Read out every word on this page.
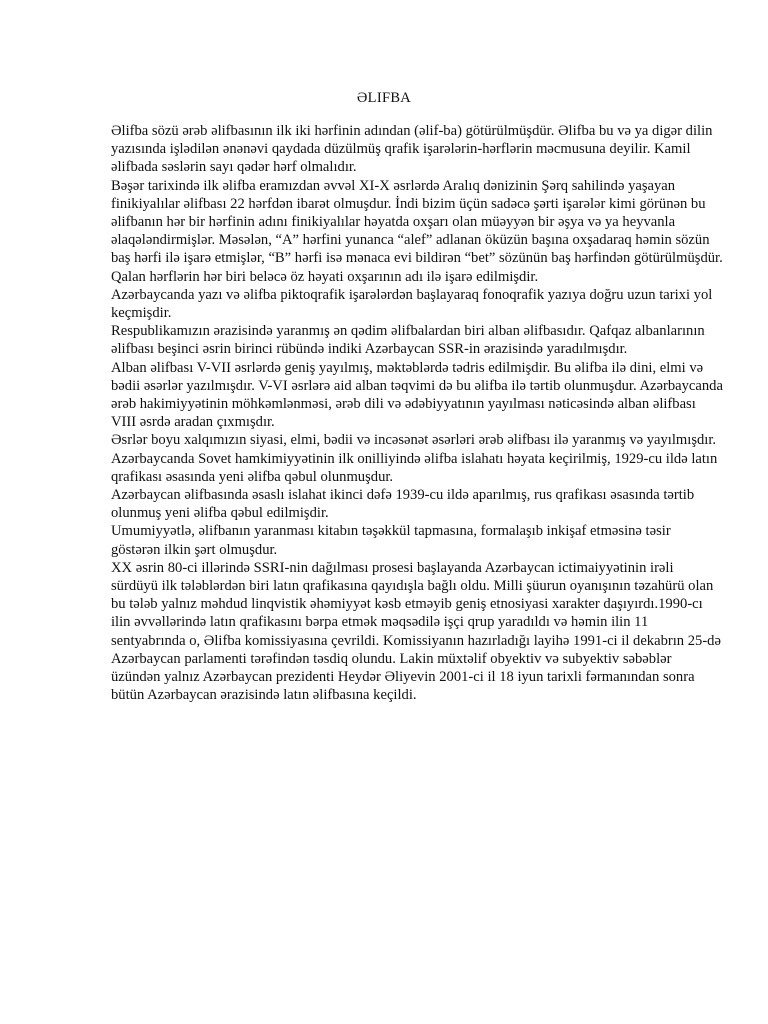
ƏLIFBA

Əlifba sözü ərəb əlifbasının ilk iki hərfinin adından (əlif-ba) götürülmüşdür. Əlifba bu və ya digər dilin yazısında işlədilən ənənəvi qaydada düzülmüş qrafik işarələrin-hərflərin məcmusuna deyilir. Kamil əlifbada səslərin sayı qədər hərf olmalıdır.

Bəşər tarixində ilk əlifba eramızdan əvvəl XI-X əsrlərdə Aralıq dənizinin Şərq sahilində yaşayan finikiyalılar əlifbası 22 hərfdən ibarət olmuşdur. İndi bizim üçün sadəcə şərti işarələr kimi görünən bu əlifbanın hər bir hərfinin adını finikiyalılar həyatda oxşarı olan müəyyən bir əşya və ya heyvanla əlaqələndirmişlər. Məsələn, “A” hərfini yunanca “alef” adlanan öküzün başına oxşadaraq həmin sözün baş hərfi ilə işarə etmişlər, “B” hərfi isə mənaca evi bildirən “bet” sözünün baş hərfindən götürülmüşdür. Qalan hərflərin hər biri beləcə öz həyati oxşarının adı ilə işarə edilmişdir.

Azərbaycanda yazı və əlifba piktoqrafik işarələrdən başlayaraq fonoqrafik yazıya doğru uzun tarixi yol keçmişdir.

Respublikamızın ərazisində yaranmış ən qədim əlifbalardan biri alban əlifbasıdır. Qafqaz albanlarının əlifbası beşinci əsrin birinci rübündə indiki Azərbaycan SSR-in ərazisində yaradılmışdır.

Alban əlifbası V-VII əsrlərdə geniş yayılmış, məktəblərdə tədris edilmişdir. Bu əlifba ilə dini, elmi və bədii əsərlər yazılmışdır. V-VI əsrlərə aid alban təqvimi də bu əlifba ilə tərtib olunmuşdur. Azərbaycanda ərəb hakimiyyətinin möhkəmlənməsi, ərəb dili və ədəbiyyatının yayılması nəticəsində alban əlifbası VIII əsrdə aradan çıxmışdır.

Əsrlər boyu xalqımızın siyasi, elmi, bədii və incəsənət əsərləri ərəb əlifbası ilə yaranmış və yayılmışdır. Azərbaycanda Sovet hamkimiyyətinin ilk onilliyində əlifba islahatı həyata keçirilmiş, 1929-cu ildə latın qrafikası əsasında yeni əlifba qəbul olunmuşdur.

Azərbaycan əlifbasında əsaslı islahat ikinci dəfə 1939-cu ildə aparılmış, rus qrafikası əsasında tərtib olunmuş yeni əlifba qəbul edilmişdir.

Umumiyyətlə, əlifbanın yaranması kitabın təşəkkül tapmasına, formalaşıb inkişaf etməsinə təsir göstərən ilkin şərt olmuşdur.

XX əsrin 80-ci illərində SSRI-nin dağılması prosesi başlayanda Azərbaycan ictimaiyyətinin irəli sürdüyü ilk tələblərdən biri latın qrafikasına qayıdışla bağlı oldu. Milli şüurun oyanışının təzahürü olan bu tələb yalnız məhdud linqvistik əhəmiyyət kəsb etməyib geniş etnosiyasi xarakter daşıyırdı.1990-cı ilin əvvəllərində latın qrafikasını bərpa etmək məqsədilə işçi qrup yaradıldı və həmin ilin 11 sentyabrında o, Əlifba komissiyasına çevrildi. Komissiyanın hazırladığı layihə 1991-ci il dekabrın 25-də Azərbaycan parlamenti tərəfindən təsdiq olundu. Lakin müxtəlif obyektiv və subyektiv səbəblər üzündən yalnız Azərbaycan prezidenti Heydər Əliyevin 2001-ci il 18 iyun tarixli fərmanından sonra bütün Azərbaycan ərazisində latın əlifbasına keçildi.
